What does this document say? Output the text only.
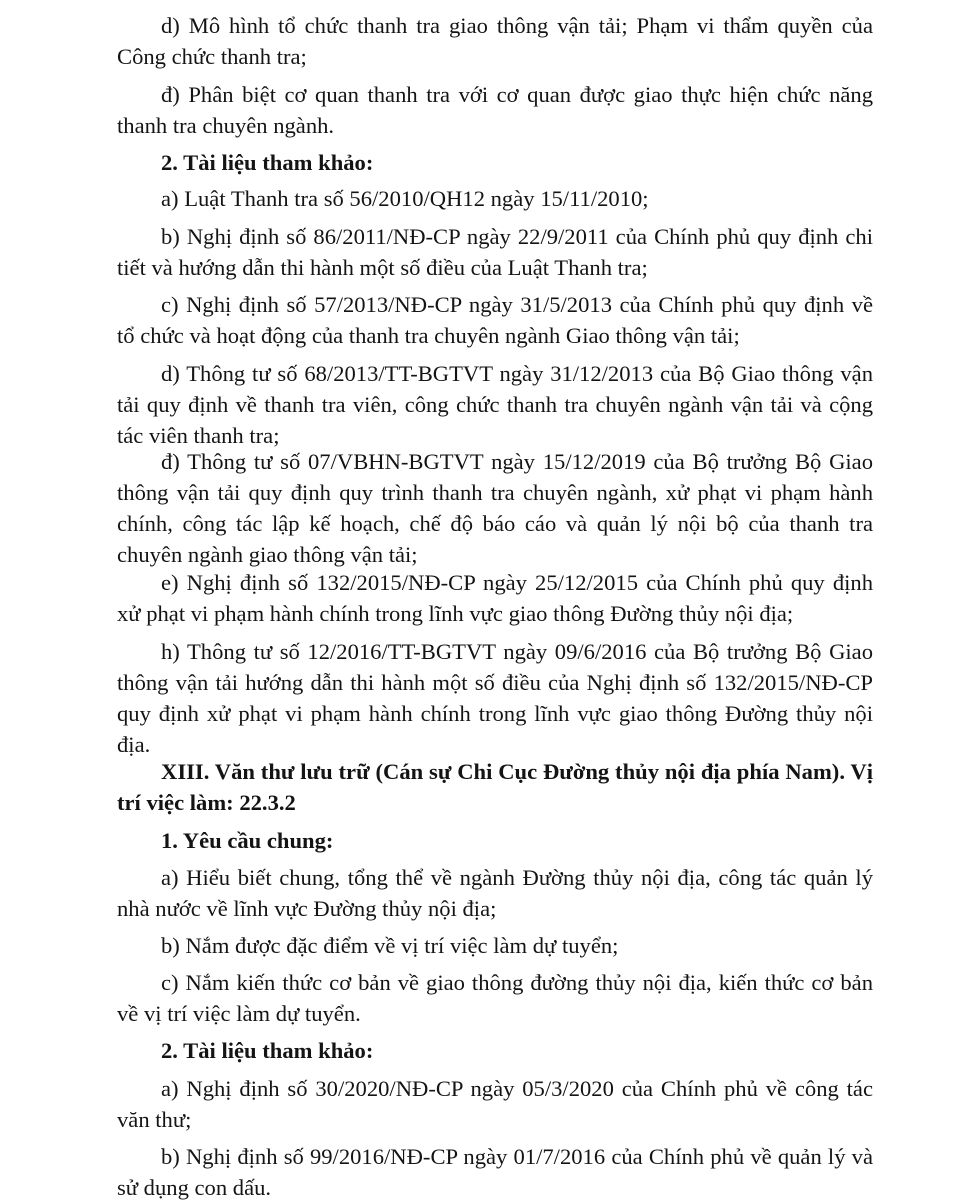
d) Mô hình tổ chức thanh tra giao thông vận tải; Phạm vi thẩm quyền của Công chức thanh tra;

đ) Phân biệt cơ quan thanh tra với cơ quan được giao thực hiện chức năng thanh tra chuyên ngành.

2. Tài liệu tham khảo:

a) Luật Thanh tra số 56/2010/QH12 ngày 15/11/2010;

b) Nghị định số 86/2011/NĐ-CP ngày 22/9/2011 của Chính phủ quy định chi tiết và hướng dẫn thi hành một số điều của Luật Thanh tra;

c) Nghị định số 57/2013/NĐ-CP ngày 31/5/2013 của Chính phủ quy định về tổ chức và hoạt động của thanh tra chuyên ngành Giao thông vận tải;

d) Thông tư số 68/2013/TT-BGTVT ngày 31/12/2013 của Bộ Giao thông vận tải quy định về thanh tra viên, công chức thanh tra chuyên ngành vận tải và cộng tác viên thanh tra;

đ) Thông tư số 07/VBHN-BGTVT ngày 15/12/2019 của Bộ trưởng Bộ Giao thông vận tải quy định quy trình thanh tra chuyên ngành, xử phạt vi phạm hành chính, công tác lập kế hoạch, chế độ báo cáo và quản lý nội bộ của thanh tra chuyên ngành giao thông vận tải;

e) Nghị định số 132/2015/NĐ-CP ngày 25/12/2015 của Chính phủ quy định xử phạt vi phạm hành chính trong lĩnh vực giao thông Đường thủy nội địa;

h) Thông tư số 12/2016/TT-BGTVT ngày 09/6/2016 của Bộ trưởng Bộ Giao thông vận tải hướng dẫn thi hành một số điều của Nghị định số 132/2015/NĐ-CP quy định xử phạt vi phạm hành chính trong lĩnh vực giao thông Đường thủy nội địa.

XIII. Văn thư lưu trữ (Cán sự Chi Cục Đường thủy nội địa phía Nam). Vị trí việc làm: 22.3.2

1. Yêu cầu chung:

a) Hiểu biết chung, tổng thể về ngành Đường thủy nội địa, công tác quản lý nhà nước về lĩnh vực Đường thủy nội địa;

b) Nắm được đặc điểm về vị trí việc làm dự tuyển;

c) Nắm kiến thức cơ bản về giao thông đường thủy nội địa, kiến thức cơ bản về vị trí việc làm dự tuyển.

2. Tài liệu tham khảo:

a) Nghị định số 30/2020/NĐ-CP ngày 05/3/2020 của Chính phủ về công tác văn thư;

b) Nghị định số 99/2016/NĐ-CP ngày 01/7/2016 của Chính phủ về quản lý và sử dụng con dấu.
